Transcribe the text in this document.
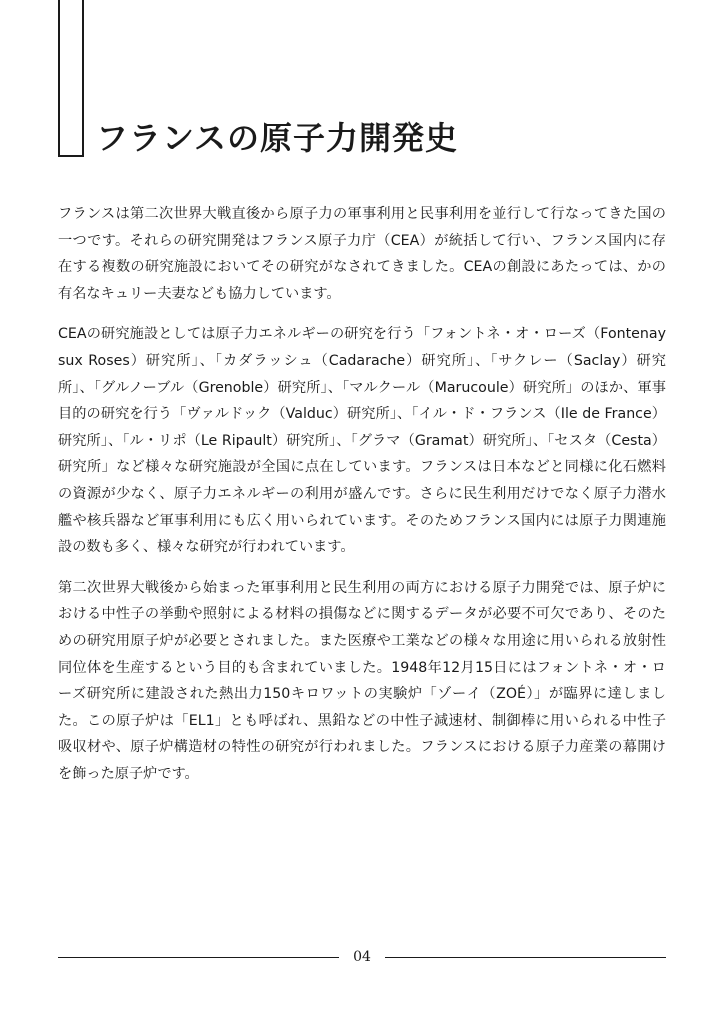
フランスの原子力開発史

フランスは第二次世界大戦直後から原子力の軍事利用と民事利用を並行して行なってきた国の一つです。それらの研究開発はフランス原子力庁（CEA）が統括して行い、フランス国内に存在する複数の研究施設においてその研究がなされてきました。CEAの創設にあたっては、かの有名なキュリー夫妻なども協力しています。

CEAの研究施設としては原子力エネルギーの研究を行う「フォントネ・オ・ローズ（Fontenay sux Roses）研究所」、「カダラッシュ（Cadarache）研究所」、「サクレー（Saclay）研究所」、「グルノーブル（Grenoble）研究所」、「マルクール（Marucoule）研究所」のほか、軍事目的の研究を行う「ヴァルドック（Valduc）研究所」、「イル・ド・フランス（Ile de France）研究所」、「ル・リポ（Le Ripault）研究所」、「グラマ（Gramat）研究所」、「セスタ（Cesta）研究所」など様々な研究施設が全国に点在しています。フランスは日本などと同様に化石燃料の資源が少なく、原子力エネルギーの利用が盛んです。さらに民生利用だけでなく原子力潜水艦や核兵器など軍事利用にも広く用いられています。そのためフランス国内には原子力関連施設の数も多く、様々な研究が行われています。

第二次世界大戦後から始まった軍事利用と民生利用の両方における原子力開発では、原子炉における中性子の挙動や照射による材料の損傷などに関するデータが必要不可欠であり、そのための研究用原子炉が必要とされました。また医療や工業などの様々な用途に用いられる放射性同位体を生産するという目的も含まれていました。1948年12月15日にはフォントネ・オ・ローズ研究所に建設された熱出力150キロワットの実験炉「ゾーイ（ZOÉ）」が臨界に達しました。この原子炉は「EL1」とも呼ばれ、黒鉛などの中性子減速材、制御棒に用いられる中性子吸収材や、原子炉構造材の特性の研究が行われました。フランスにおける原子力産業の幕開けを飾った原子炉です。

04
